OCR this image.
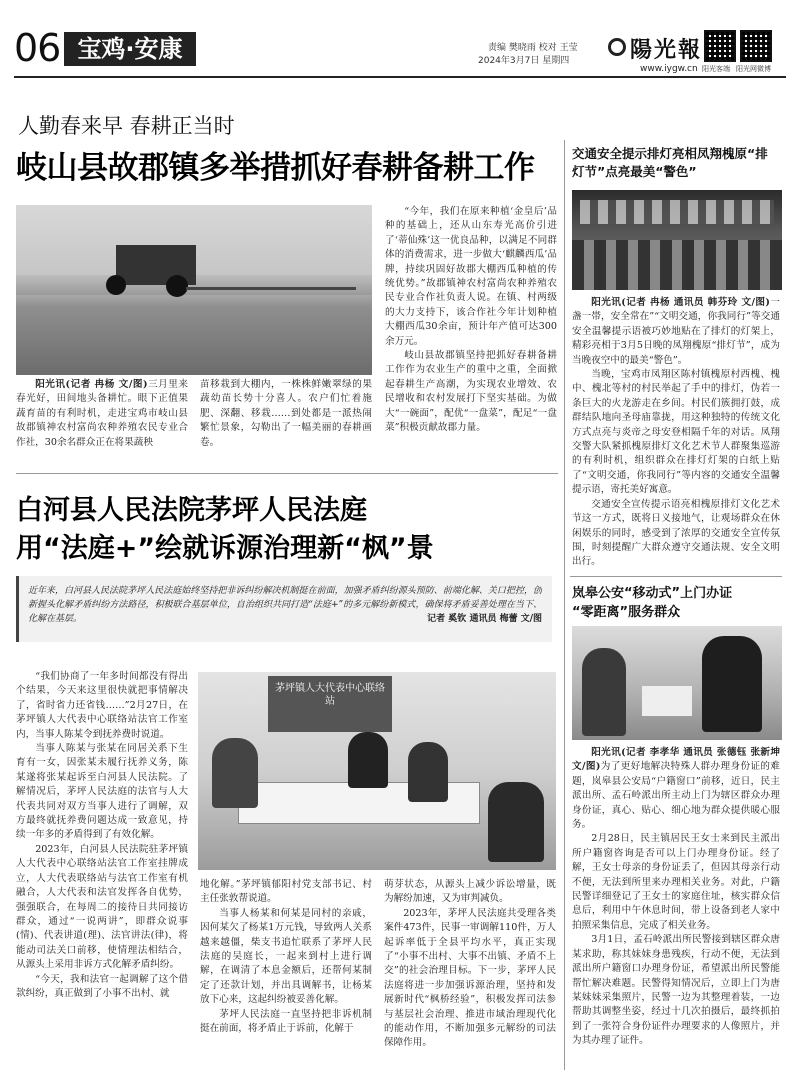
06 宝鸡·安康	责编 樊晓雨 校对 王莹
2024年3月7日 星期四	陽光報
www.iygw.cn 阳光客端 阳光网微博
人勤春来早 春耕正当时
岐山县故郡镇多举措抓好春耕备耕工作

阳光讯(记者 冉杨 文/图)三月里来春光好，田间地头备耕忙。眼下正值果蔬育苗的有利时机，走进宝鸡市岐山县故郡镇神农村富尚农种养殖农民专业合作社，30余名群众正在将果蔬秧

苗移栽到大棚内，一株株鲜嫩翠绿的果蔬幼苗长势十分喜人。农户们忙着施肥、深翻、移栽……到处都是一派热闹繁忙景象，勾勒出了一幅美丽的春耕画卷。

“今年，我们在原来种植‘金皇后’品种的基础上，还从山东寿光高价引进了‘蒂仙殊’这一优良品种，以满足不同群体的消费需求，进一步做大‘麒麟西瓜’品牌，持续巩固好故郡大棚西瓜种植的传统优势。”故郡镇神农村富尚农种养殖农民专业合作社负责人说。在镇、村两级的大力支持下，该合作社今年计划种植大棚西瓜30余亩，预计年产值可达300余万元。

岐山县故郡镇坚持把抓好春耕备耕工作作为农业生产的重中之重，全面掀起春耕生产高潮，为实现农业增效、农民增收和农村发展打下坚实基础。为做大“一碗面”，配优“一盘菜”，配足“一盘菜”积极贡献故郡力量。

交通安全提示排灯亮相凤翔槐原“排灯节”点亮最美“警色”

阳光讯(记者 冉杨 通讯员 韩芬玲 文/图)一盏一帯，安全常在”“文明交通，你我同行”等交通安全温馨提示语被巧妙地贴在了排灯的灯架上，精彩亮相于3月5日晚的凤翔槐原“排灯节”，成为当晚夜空中的最美“警色”。

当晚，宝鸡市凤翔区陈村镇槐原村西槐、槐中、槐北等村的村民举起了手中的排灯，伪若一条巨大的火龙游走在乡间。村民们簇拥打鼓，成群结队地向圣母庙靠拢，用这种独特的传统文化方式点亮与炎帝之母安登相隔千年的对话。凤翔交警大队紧抓槐原排灯文化艺术节人群聚集巡游的有利时机，组织群众在排灯灯架的白纸上贴了“文明交通，你我同行”等内容的交通安全温馨提示语，寄托美好寓意。

交通安全宣传提示语亮相槐原排灯文化艺术节这一方式，既将日义接地气，让观场群众在休闲娱乐的同时，感受到了浓厚的交通安全宣传氛围，时刻提醒广大群众遵守交通法规、安全文明出行。

白河县人民法院茅坪人民法庭
用“法庭+”绘就诉源治理新“枫”景
近年来，白河县人民法院茅坪人民法庭始终坚持把非诉纠纷解决机制挺在前面，加强矛盾纠纷源头预防、前端化解、关口把控，创新握头化解矛盾纠纷方法路径，积极联合基层单位，自治组织共同打造“法庭+”的多元解纷新模式，确保将矛盾妥善处理在当下、化解在基层。	记者 奚钦 通讯员 梅蕾 文/图

“我们协商了一年多时间都没有得出个结果，今天来这里很快就把事情解决了，省时省力还省钱……”2月27日，在茅坪镇人大代表中心联络站法官工作室内，当事人陈某令到抚养费时说道。

当事人陈某与张某在同居关系下生育有一女，因张某未履行抚养义务，陈某遂将张某起诉至白河县人民法院。了解情况后，茅坪人民法庭的法官与人大代表共同对双方当事人进行了调解，双方最终就抚养费问题达成一致意见，持续一年多的矛盾得到了有效化解。

2023年，白河县人民法院驻茅坪镇人大代表中心联络站法官工作室挂牌成立，人大代表联络站与法官工作室有机融合，人大代表和法官发挥各自优势，强强联合，在每周二的接待日共同接访群众，通过“一说两讲”，即群众说事(情)、代表讲道(理)、法官讲法(律)，将能动司法关口前移，使情理法相结合，从源头上采用非诉方式化解矛盾纠纷。

“今天，我和法官一起调解了这个借款纠纷，真正做到了小事不出村、就

茅坪镇人大代表中心联络站
地化解。”茅坪镇郁阳村党支部书记、村主任张敦帮说道。

当事人杨某和何某是同村的亲戚，因何某欠了杨某1万元钱，导致两人关系越来越僵，柴支书追忙联系了茅坪人民法庭的吴庭长，一起来到村上进行调解，在调清了本息金额后，还帮何某制定了还款计划，并出具调解书，让杨某放下心来，这起纠纷被妥善化解。

茅坪人民法庭一直坚持把非诉机制挺在前面，将矛盾止于诉前，化解于

萌芽状态，从源头上减少诉讼增量，既为解纷加速，又为审判减负。

2023年，茅坪人民法庭共受理各类案件473件，民事一审调解110件，万人起诉率低于全县平均水平，真正实现了“小事不出村、大事不出镇、矛盾不上交”的社会治理目标。下一步，茅坪人民法庭将进一步加强诉源治理，坚持和发展新时代“枫桥经验”，积极发挥司法参与基层社会治理、推进市域治理现代化的能动作用，不断加强多元解纷的司法保障作用。

岚皋公安“移动式”上门办证
“零距离”服务群众

阳光讯(记者 李孝华 通讯员 张德钰 张新坤 文/图)为了更好地解决特殊人群办理身份证的难题，岚皋县公安局“户籍窗口”前移，近日，民主派出所、孟石岭派出所主动上门为辖区群众办理身份证，真心、贴心、细心地为群众提供暖心服务。

2月28日，民主镇居民王女士来到民主派出所户籍窗咨询是否可以上门办理身份证。经了解，王女士母亲的身份证丢了，但因其母亲行动不便，无法到所里来办理相关业务。对此，户籍民警详细登记了王女士的家庭住址，核实群众信息后，利用中午休息时间，带上设备到老人家中拍照采集信息，完成了相关业务。

3月1日，孟石岭派出所民警接到辖区群众唐某求助，称其妹妹身患残疾，行动不便，无法到派出所户籍窗口办理身份证，希望派出所民警能帮忙解决难题。民警得知情况后，立即上门为唐某妹妹采集照片，民警一边为其整理着装，一边帮助其调整坐姿，经过十几次拍摄后，最终抓拍到了一张符合身份证件办理要求的人像照片，并为其办理了证件。
